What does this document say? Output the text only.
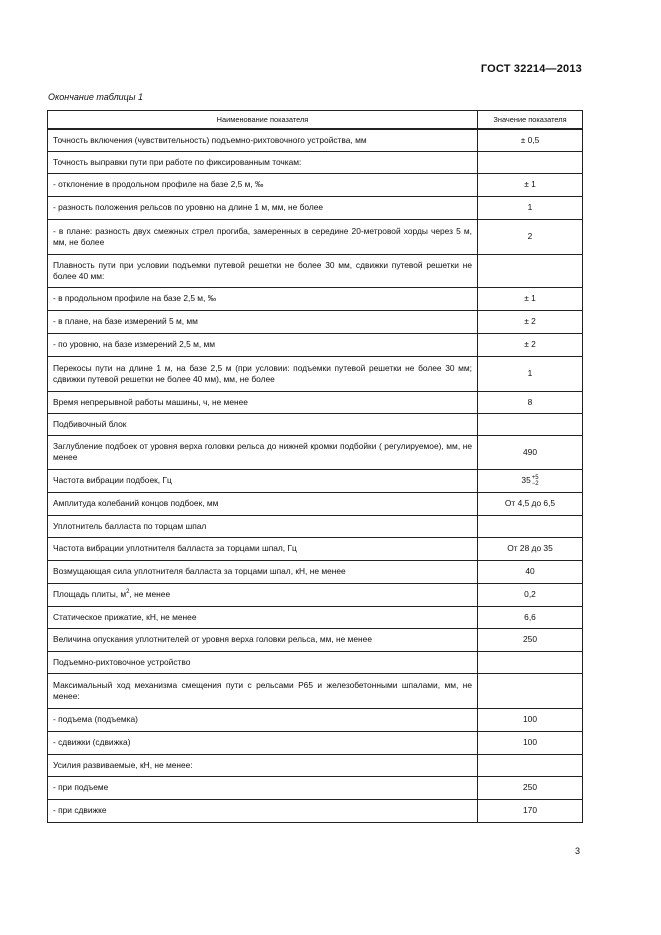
ГОСТ 32214—2013
Окончание таблицы 1
Наименование показателя	Значение показателя
Точность включения (чувствительность) подъемно-рихтовочного устройства, мм	± 0,5
Точность выправки пути при работе по фиксированным точкам:	
- отклонение в продольном профиле на базе 2,5 м, ‰	± 1
- разность положения рельсов по уровню на длине 1 м, мм, не более	1
- в плане: разность двух смежных стрел прогиба, замеренных в середине 20-метровой хорды через 5 м, мм, не более	2
Плавность пути при условии подъемки путевой решетки не более 30 мм, сдвижки путевой решетки не более 40 мм:	
- в продольном профиле на базе 2,5 м, ‰	± 1
- в плане, на базе измерений 5 м, мм	± 2
- по уровню, на базе измерений 2,5 м, мм	± 2
Перекосы пути на длине 1 м, на базе 2,5 м (при условии: подъемки путевой решетки не более 30 мм; сдвижки путевой решетки не более 40 мм), мм, не более	1
Время непрерывной работы машины, ч, не менее	8
Подбивочный блок	
Заглубление подбоек от уровня верха головки рельса до нижней кромки подбойки ( регулируемое), мм, не менее	490
Частота вибрации подбоек, Гц	35 +5
−2

Амплитуда колебаний концов подбоек, мм	От 4,5 до 6,5
Уплотнитель балласта по торцам шпал	
Частота вибрации уплотнителя балласта за торцами шпал, Гц	От 28 до 35
Возмущающая сила уплотнителя балласта за торцами шпал, кН, не менее	40
Площадь плиты, $м^2$, не менее	0,2
Статическое прижатие, кН, не менее	6,6
Величина опускания уплотнителей от уровня верха головки рельса, мм, не менее	250
Подъемно-рихтовочное устройство	
Максимальный ход механизма смещения пути с рельсами Р65 и железобетонными шпалами, мм, не менее:	
- подъема (подъемка)	100
- сдвижки (сдвижка)	100
Усилия развиваемые, кН, не менее:	
- при подъеме	250
- при сдвижке	170
3
